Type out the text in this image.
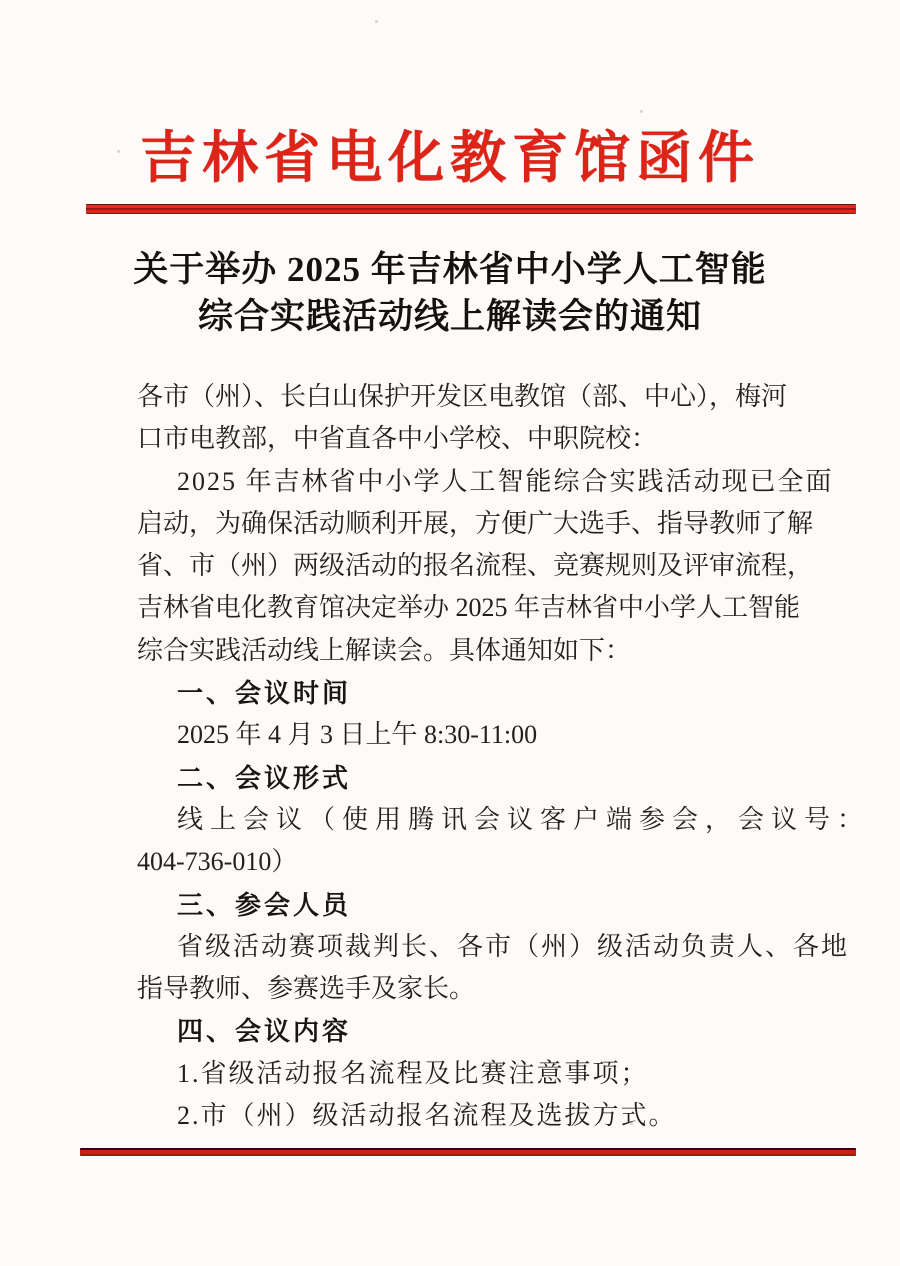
吉林省电化教育馆函件
关于举办 2025 年吉林省中小学人工智能
综合实践活动线上解读会的通知
各市（州）、长白山保护开发区电教馆（部、中心），梅河
口市电教部，中省直各中小学校、中职院校：
2025 年吉林省中小学人工智能综合实践活动现已全面
启动，为确保活动顺利开展，方便广大选手、指导教师了解
省、市（州）两级活动的报名流程、竞赛规则及评审流程，
吉林省电化教育馆决定举办 2025 年吉林省中小学人工智能
综合实践活动线上解读会。具体通知如下：
一、会议时间
2025 年 4 月 3 日上午 8:30-11:00
二、会议形式
线上会议（使用腾讯会议客户端参会，会议号：
404-736-010）
三、参会人员
省级活动赛项裁判长、各市（州）级活动负责人、各地
指导教师、参赛选手及家长。
四、会议内容
1.省级活动报名流程及比赛注意事项；
2.市（州）级活动报名流程及选拔方式。
